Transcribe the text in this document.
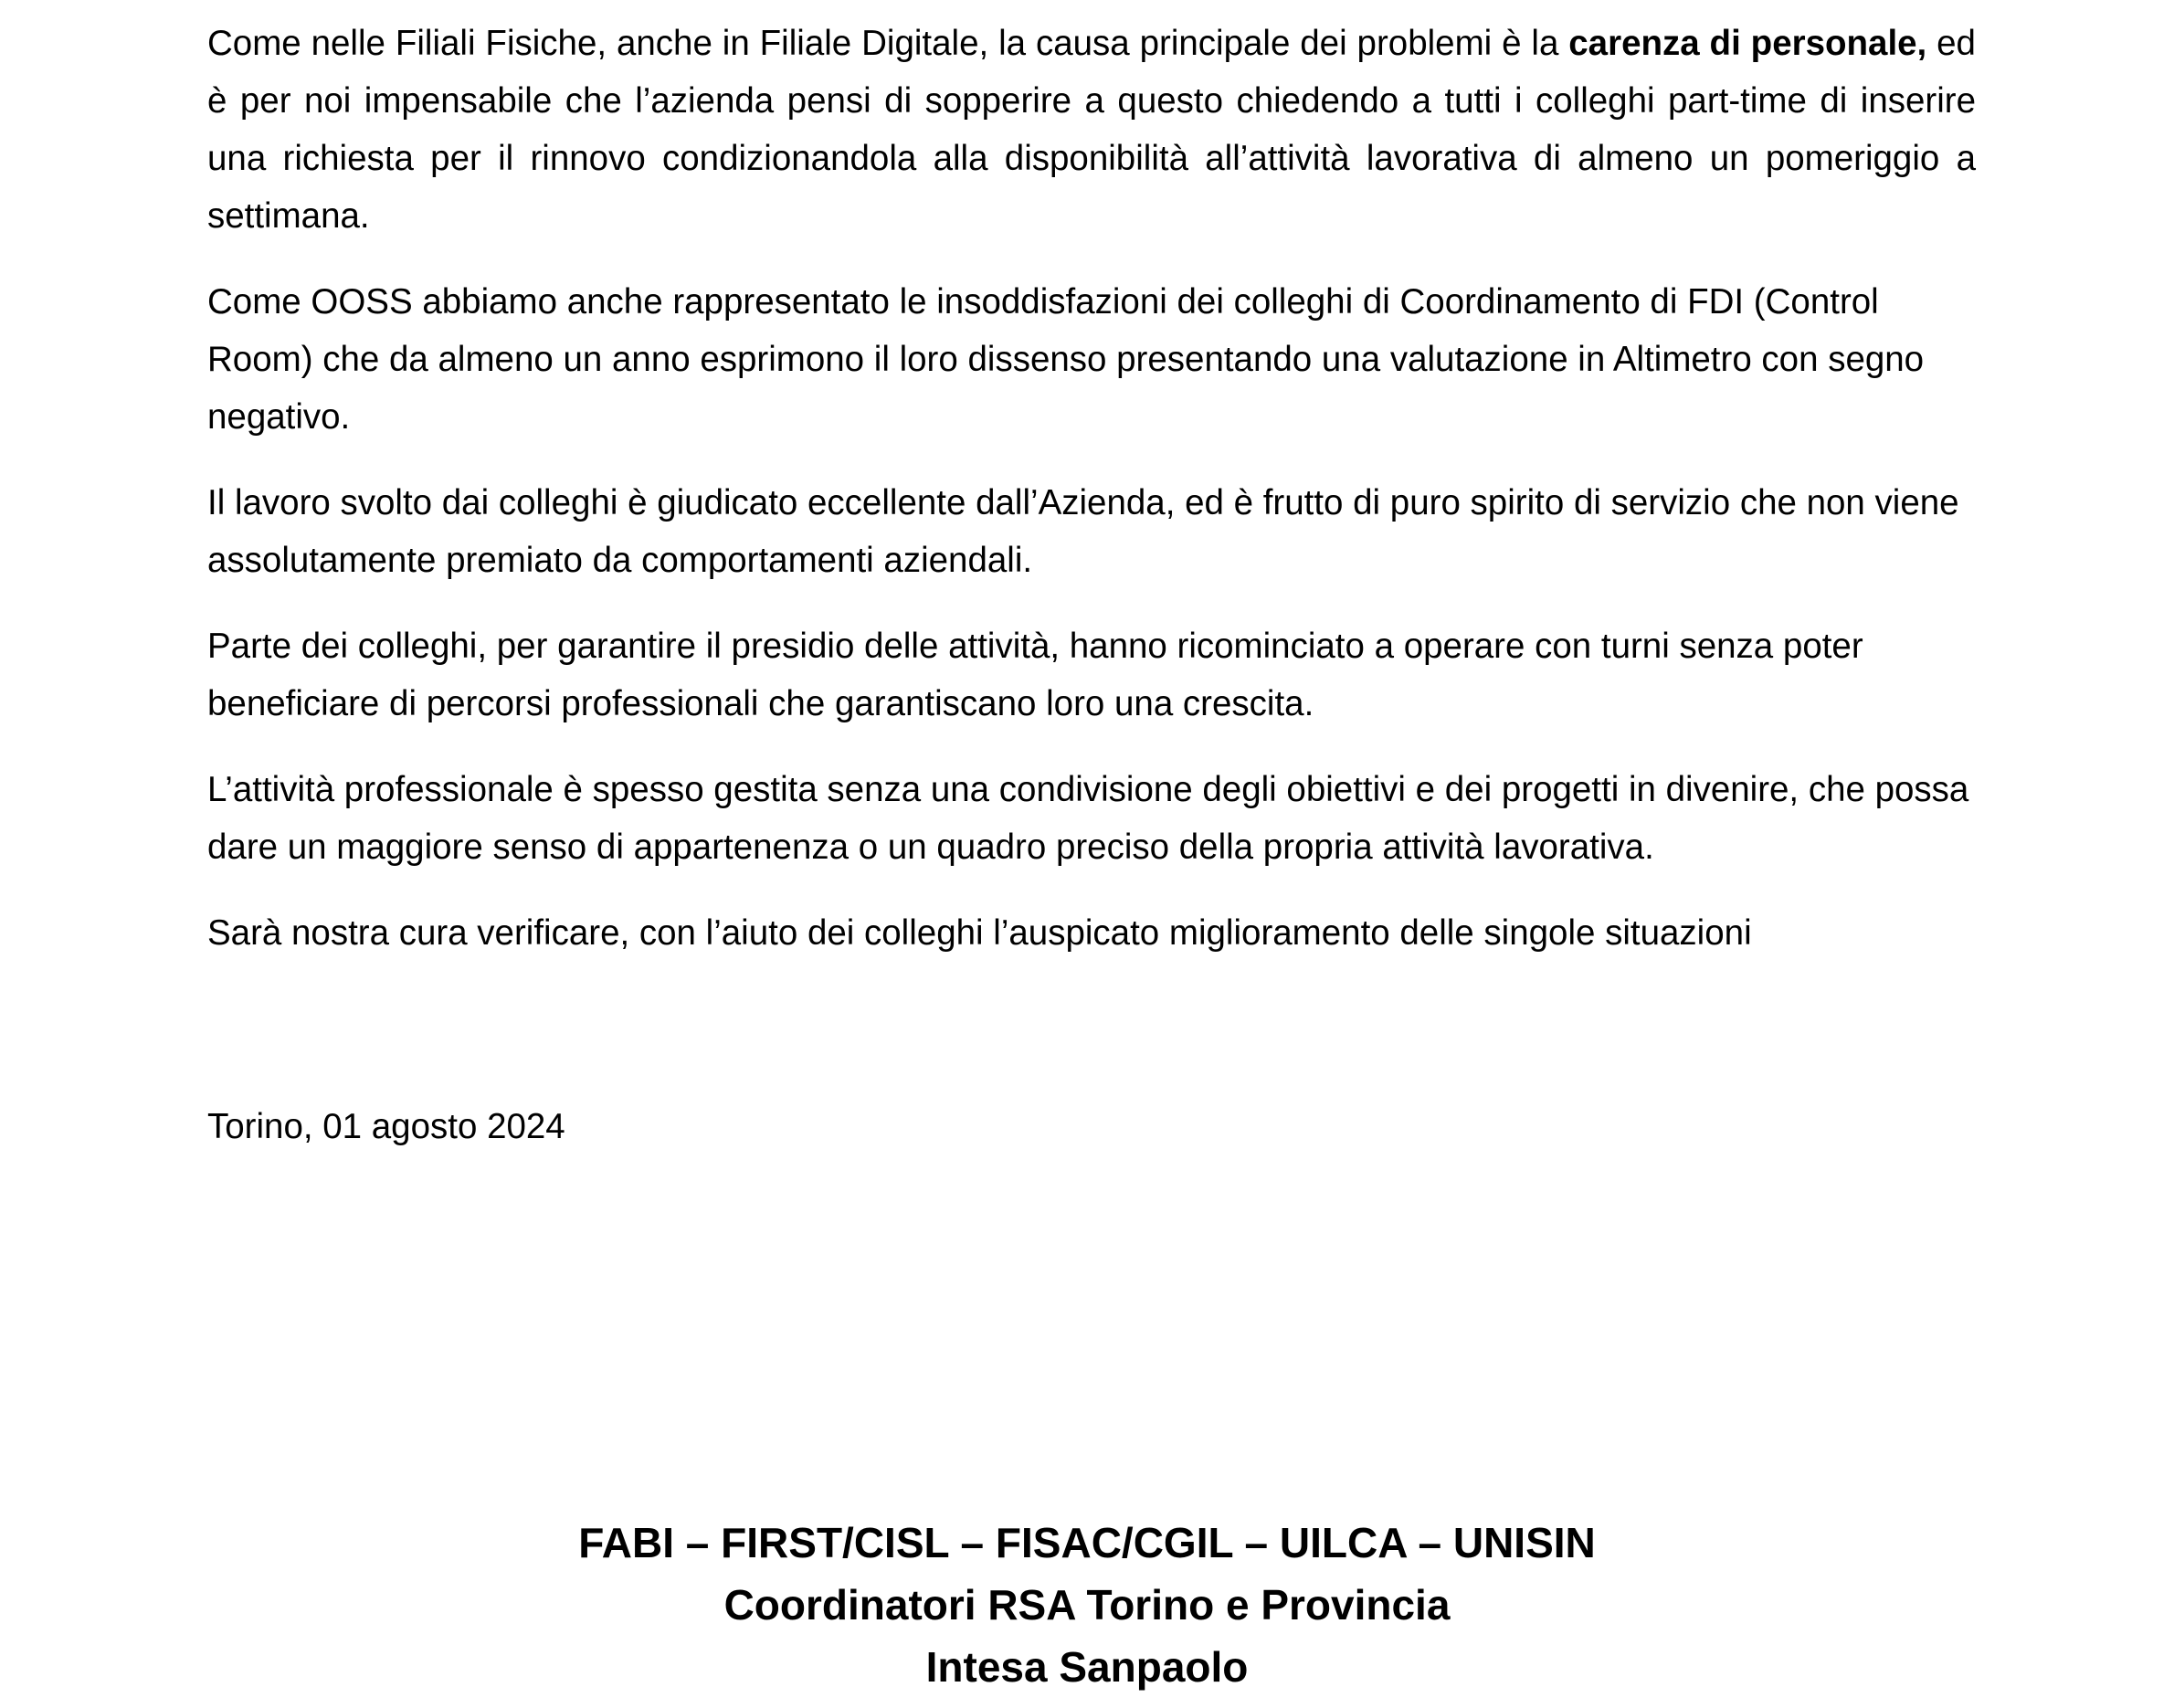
Come nelle Filiali Fisiche, anche in Filiale Digitale, la causa principale dei problemi è la carenza di personale, ed è per noi impensabile che l’azienda pensi di sopperire a questo chiedendo a tutti i colleghi part-time di inserire una richiesta per il rinnovo condizionandola alla disponibilità all’attività lavorativa di almeno un pomeriggio a settimana.

Come OOSS abbiamo anche rappresentato le insoddisfazioni dei colleghi di Coordinamento di FDI (Control Room) che da almeno un anno esprimono il loro dissenso presentando una valutazione in Altimetro con segno negativo.

Il lavoro svolto dai colleghi è giudicato eccellente dall’Azienda, ed è frutto di puro spirito di servizio che non viene assolutamente premiato da comportamenti aziendali.

Parte dei colleghi, per garantire il presidio delle attività, hanno ricominciato a operare con turni senza poter beneficiare di percorsi professionali che garantiscano loro una crescita.

L’attività professionale è spesso gestita senza una condivisione degli obiettivi e dei progetti in divenire, che possa dare un maggiore senso di appartenenza o un quadro preciso della propria attività lavorativa.

Sarà nostra cura verificare, con l’aiuto dei colleghi l’auspicato miglioramento delle singole situazioni

Torino, 01 agosto 2024

FABI – FIRST/CISL – FISAC/CGIL – UILCA – UNISIN
Coordinatori RSA Torino e Provincia
Intesa Sanpaolo
